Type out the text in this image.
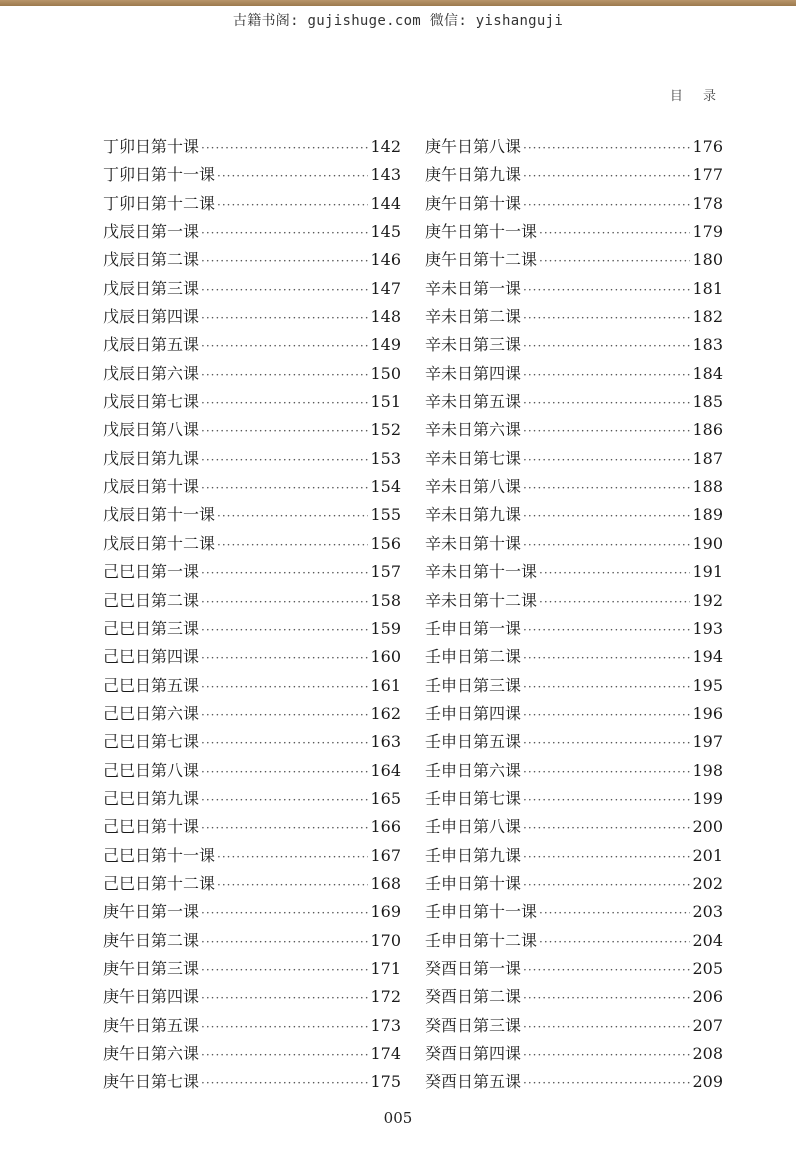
古籍书阁: gujishuge.com 微信: yishanguji
目 录
丁卯日第十课 ·····	142
丁卯日第十一课 ·····	143
丁卯日第十二课 ·····	144
戊辰日第一课 ·····	145
戊辰日第二课 ·····	146
戊辰日第三课 ·····	147
戊辰日第四课 ·····	148
戊辰日第五课 ·····	149
戊辰日第六课 ·····	150
戊辰日第七课 ·····	151
戊辰日第八课 ·····	152
戊辰日第九课 ·····	153
戊辰日第十课 ·····	154
戊辰日第十一课 ·····	155
戊辰日第十二课 ·····	156
己巳日第一课 ·····	157
己巳日第二课 ·····	158
己巳日第三课 ·····	159
己巳日第四课 ·····	160
己巳日第五课 ·····	161
己巳日第六课 ·····	162
己巳日第七课 ·····	163
己巳日第八课 ·····	164
己巳日第九课 ·····	165
己巳日第十课 ·····	166
己巳日第十一课 ·····	167
己巳日第十二课 ·····	168
庚午日第一课 ·····	169
庚午日第二课 ·····	170
庚午日第三课 ·····	171
庚午日第四课 ·····	172
庚午日第五课 ·····	173
庚午日第六课 ·····	174
庚午日第七课 ·····	175
庚午日第八课 ·····	176
庚午日第九课 ·····	177
庚午日第十课 ·····	178
庚午日第十一课 ·····	179
庚午日第十二课 ·····	180
辛未日第一课 ·····	181
辛未日第二课 ·····	182
辛未日第三课 ·····	183
辛未日第四课 ·····	184
辛未日第五课 ·····	185
辛未日第六课 ·····	186
辛未日第七课 ·····	187
辛未日第八课 ·····	188
辛未日第九课 ·····	189
辛未日第十课 ·····	190
辛未日第十一课 ·····	191
辛未日第十二课 ·····	192
壬申日第一课 ·····	193
壬申日第二课 ·····	194
壬申日第三课 ·····	195
壬申日第四课 ·····	196
壬申日第五课 ·····	197
壬申日第六课 ·····	198
壬申日第七课 ·····	199
壬申日第八课 ·····	200
壬申日第九课 ·····	201
壬申日第十课 ·····	202
壬申日第十一课 ·····	203
壬申日第十二课 ·····	204
癸酉日第一课 ·····	205
癸酉日第二课 ·····	206
癸酉日第三课 ·····	207
癸酉日第四课 ·····	208
癸酉日第五课 ·····	209
005
